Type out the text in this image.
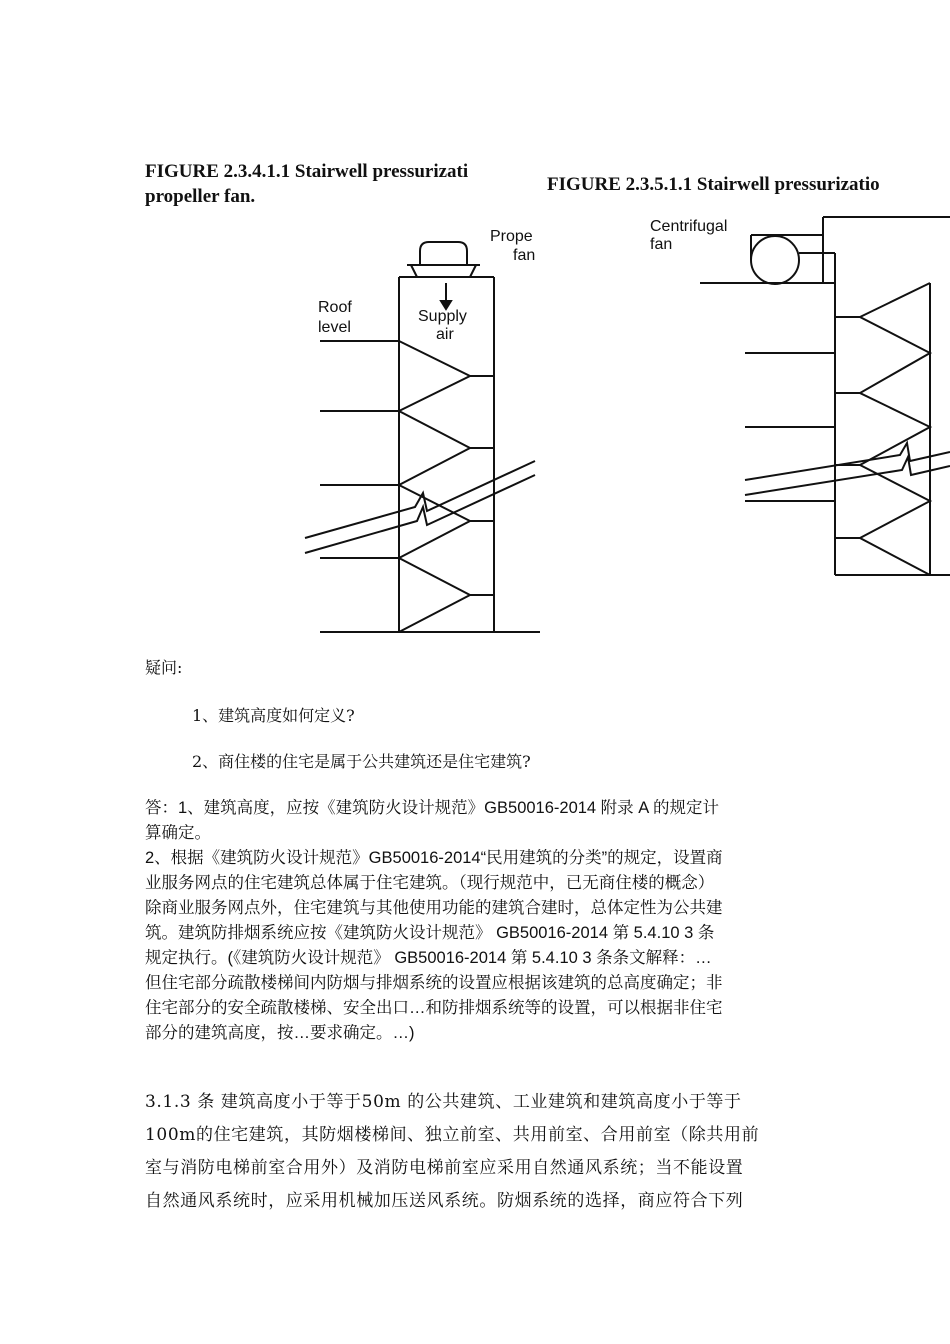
FIGURE 2.3.4.1.1 Stairwell pressurizati
propeller fan.
Prope
fan
Supply
air
Roof
level
FIGURE 2.3.5.1.1 Stairwell pressurizatio
Centrifugal
fan
疑问:
1、建筑高度如何定义?
2、商住楼的住宅是属于公共建筑还是住宅建筑?
答：1、建筑高度，应按《建筑防火设计规范》GB50016-2014 附录 A 的规定计
算确定。
2、根据《建筑防火设计规范》GB50016-2014“民用建筑的分类”的规定，设置商
业服务网点的住宅建筑总体属于住宅建筑。（现行规范中，已无商住楼的概念）
除商业服务网点外，住宅建筑与其他使用功能的建筑合建时，总体定性为公共建
筑。建筑防排烟系统应按《建筑防火设计规范》 GB50016-2014 第 5.4.10 3 条
规定执行。(《建筑防火设计规范》 GB50016-2014 第 5.4.10 3 条条文解释：…
但住宅部分疏散楼梯间内防烟与排烟系统的设置应根据该建筑的总高度确定；非
住宅部分的安全疏散楼梯、安全出口…和防排烟系统等的设置，可以根据非住宅
部分的建筑高度，按…要求确定。…)
3.1.3 条 建筑高度小于等于50m 的公共建筑、工业建筑和建筑高度小于等于
100m的住宅建筑，其防烟楼梯间、独立前室、共用前室、合用前室（除共用前
室与消防电梯前室合用外）及消防电梯前室应采用自然通风系统；当不能设置
自然通风系统时，应采用机械加压送风系统。防烟系统的选择，商应符合下列
